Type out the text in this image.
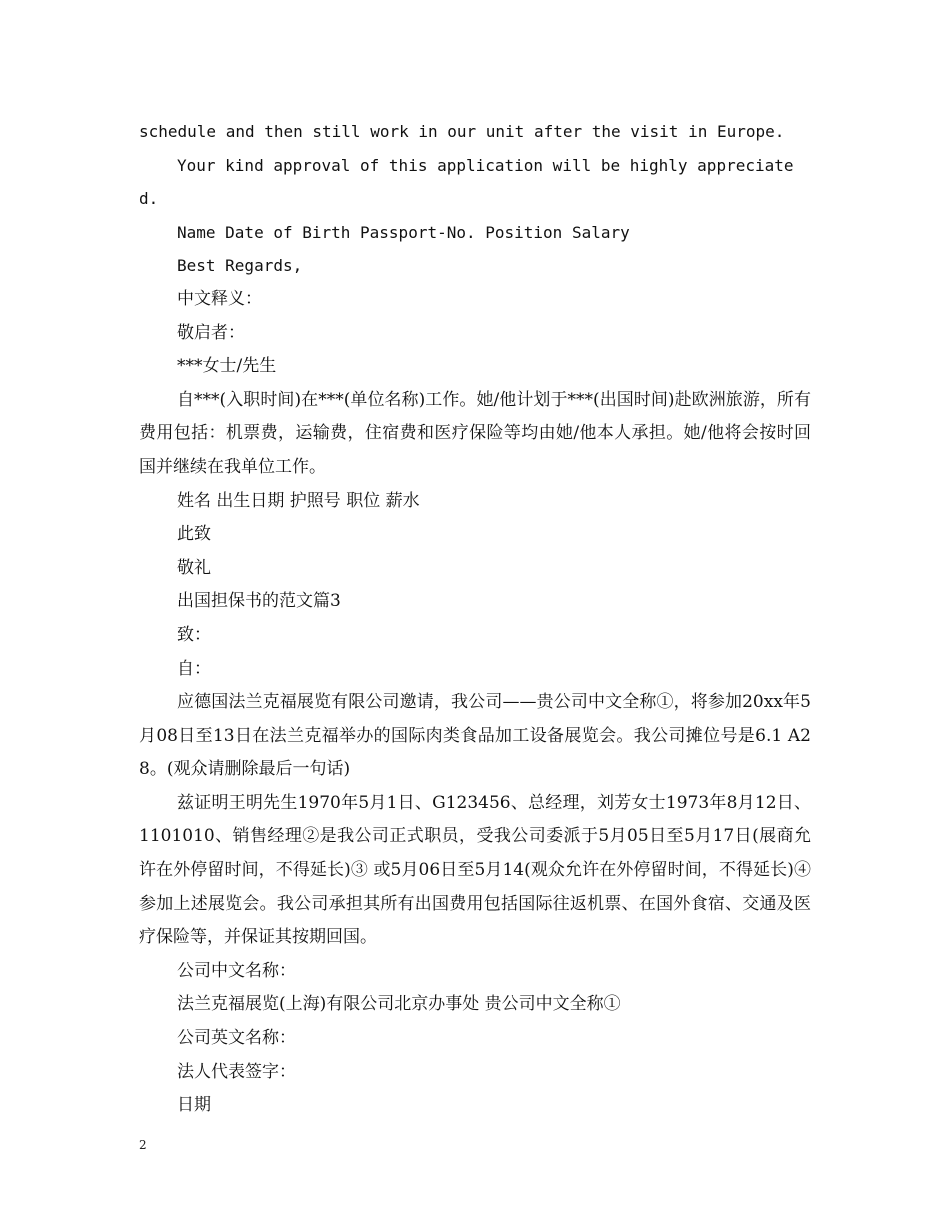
schedule and then still work in our unit after the visit in Europe.

Your kind approval of this application will be highly appreciated.

Name Date of Birth Passport-No. Position Salary

Best Regards,

中文释义：

敬启者：

***女士/先生

自***(入职时间)在***(单位名称)工作。她/他计划于***(出国时间)赴欧洲旅游，所有费用包括：机票费，运输费，住宿费和医疗保险等均由她/他本人承担。她/他将会按时回国并继续在我单位工作。

姓名 出生日期 护照号 职位 薪水

此致

敬礼

出国担保书的范文篇3

致：

自：

应德国法兰克福展览有限公司邀请，我公司——贵公司中文全称①，将参加20xx年5月08日至13日在法兰克福举办的国际肉类食品加工设备展览会。我公司摊位号是6.1 A28。(观众请删除最后一句话)

兹证明王明先生1970年5月1日、G123456、总经理，刘芳女士1973年8月12日、1101010、销售经理②是我公司正式职员，受我公司委派于5月05日至5月17日(展商允许在外停留时间，不得延长)③ 或5月06日至5月14(观众允许在外停留时间，不得延长)④ 参加上述展览会。我公司承担其所有出国费用包括国际往返机票、在国外食宿、交通及医疗保险等，并保证其按期回国。

公司中文名称：

法兰克福展览(上海)有限公司北京办事处 贵公司中文全称①

公司英文名称：

法人代表签字：

日期

2
